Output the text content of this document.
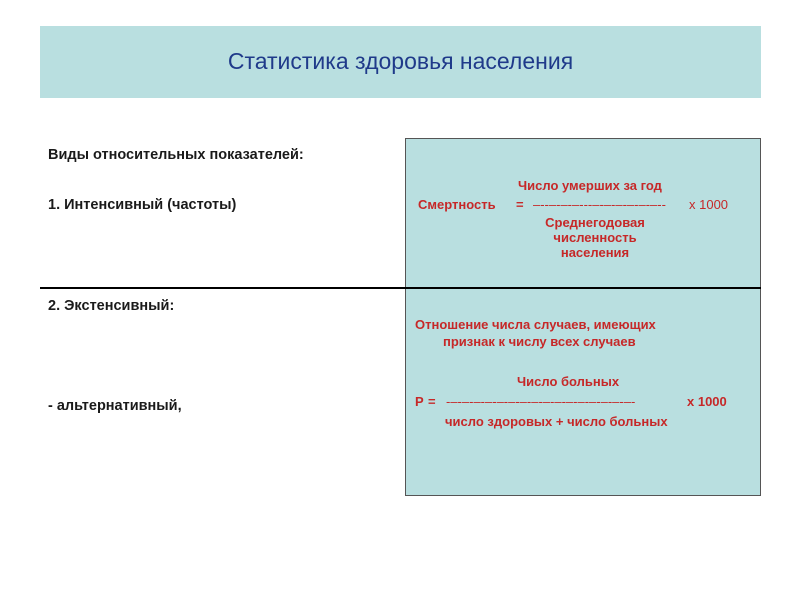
Статистика здоровья населения
Виды относительных показателей:
1. Интенсивный (частоты)
2. Экстенсивный:
- альтернативный,
Число умерших за год
Смертность = –--–-–-–---–-–-–-–-–-–-- х 1000
Среднегодовая
численность
населения
Отношение числа случаев, имеющих
признак к числу всех случаев
Число больных
P = -–-–-–-–-–-–-–-–-–-–-–-–-–-–-–-–-	х 1000
число здоровых + число больных
